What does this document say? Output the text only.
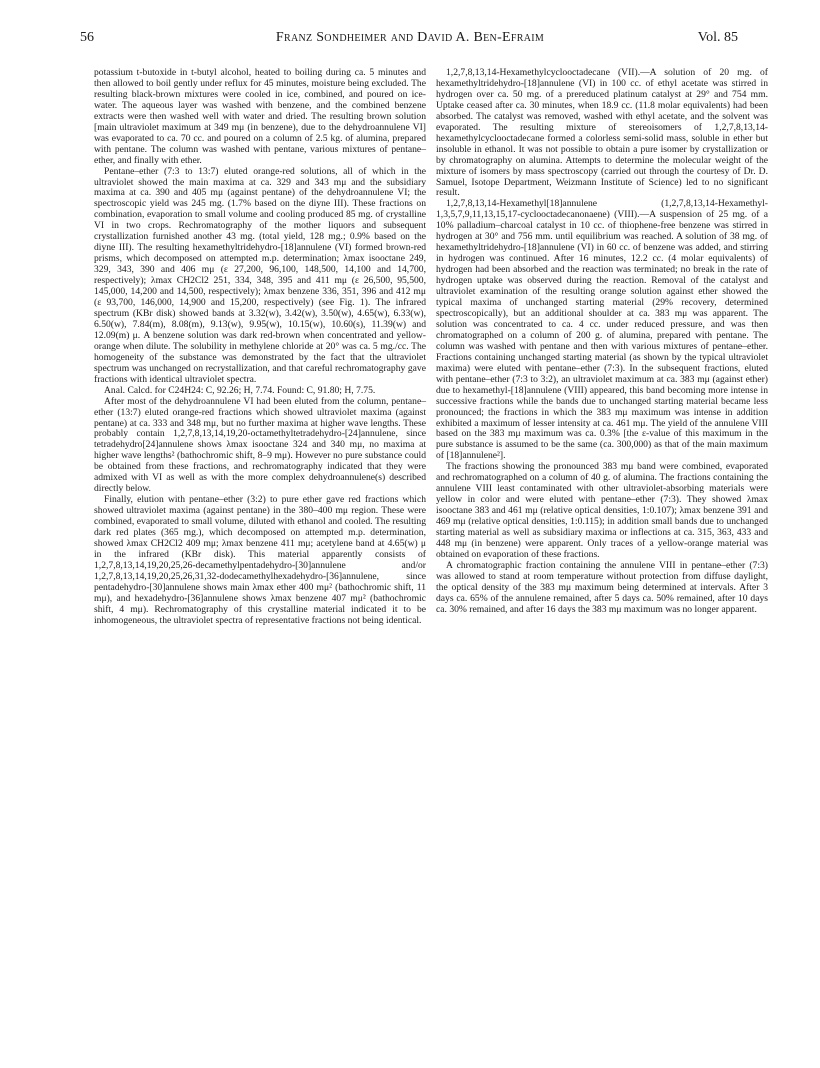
56	Franz Sondheimer and David A. Ben-Efraim	Vol. 85

potassium t-butoxide in t-butyl alcohol, heated to boiling during ca. 5 minutes and then allowed to boil gently under reflux for 45 minutes, moisture being excluded. The resulting black-brown mixtures were cooled in ice, combined, and poured on ice-water. The aqueous layer was washed with benzene, and the combined benzene extracts were then washed well with water and dried. The resulting brown solution [main ultraviolet maximum at 349 mμ (in benzene), due to the dehydroannulene VI] was evaporated to ca. 70 cc. and poured on a column of 2.5 kg. of alumina, prepared with pentane. The column was washed with pentane, various mixtures of pentane–ether, and finally with ether.

Pentane–ether (7:3 to 13:7) eluted orange-red solutions, all of which in the ultraviolet showed the main maxima at ca. 329 and 343 mμ and the subsidiary maxima at ca. 390 and 405 mμ (against pentane) of the dehydroannulene VI; the spectroscopic yield was 245 mg. (1.7% based on the diyne III). These fractions on combination, evaporation to small volume and cooling produced 85 mg. of crystalline VI in two crops. Rechromatography of the mother liquors and subsequent crystallization furnished another 43 mg. (total yield, 128 mg.; 0.9% based on the diyne III). The resulting hexamethyltridehydro-[18]annulene (VI) formed brown-red prisms, which decomposed on attempted m.p. determination; λmax isooctane 249, 329, 343, 390 and 406 mμ (ε 27,200, 96,100, 148,500, 14,100 and 14,700, respectively); λmax CH2Cl2 251, 334, 348, 395 and 411 mμ (ε 26,500, 95,500, 145,000, 14,200 and 14,500, respectively); λmax benzene 336, 351, 396 and 412 mμ (ε 93,700, 146,000, 14,900 and 15,200, respectively) (see Fig. 1). The infrared spectrum (KBr disk) showed bands at 3.32(w), 3.42(w), 3.50(w), 4.65(w), 6.33(w), 6.50(w), 7.84(m), 8.08(m), 9.13(w), 9.95(w), 10.15(w), 10.60(s), 11.39(w) and 12.09(m) μ. A benzene solution was dark red-brown when concentrated and yellow-orange when dilute. The solubility in methylene chloride at 20° was ca. 5 mg./cc. The homogeneity of the substance was demonstrated by the fact that the ultraviolet spectrum was unchanged on recrystallization, and that careful rechromatography gave fractions with identical ultraviolet spectra.

Anal. Calcd. for C24H24: C, 92.26; H, 7.74. Found: C, 91.80; H, 7.75.

After most of the dehydroannulene VI had been eluted from the column, pentane–ether (13:7) eluted orange-red fractions which showed ultraviolet maxima (against pentane) at ca. 333 and 348 mμ, but no further maxima at higher wave lengths. These probably contain 1,2,7,8,13,14,19,20-octamethyltetradehydro-[24]annulene, since tetradehydro[24]annulene shows λmax isooctane 324 and 340 mμ, no maxima at higher wave lengths² (bathochromic shift, 8–9 mμ). However no pure substance could be obtained from these fractions, and rechromatography indicated that they were admixed with VI as well as with the more complex dehydroannulene(s) described directly below.

Finally, elution with pentane–ether (3:2) to pure ether gave red fractions which showed ultraviolet maxima (against pentane) in the 380–400 mμ region. These were combined, evaporated to small volume, diluted with ethanol and cooled. The resulting dark red plates (365 mg.), which decomposed on attempted m.p. determination, showed λmax CH2Cl2 409 mμ; λmax benzene 411 mμ; acetylene band at 4.65(w) μ in the infrared (KBr disk). This material apparently consists of 1,2,7,8,13,14,19,20,25,26-decamethylpentadehydro-[30]annulene and/or 1,2,7,8,13,14,19,20,25,26,31,32-dodecamethylhexadehydro-[36]annulene, since pentadehydro-[30]annulene shows main λmax ether 400 mμ² (bathochromic shift, 11 mμ), and hexadehydro-[36]annulene shows λmax benzene 407 mμ² (bathochromic shift, 4 mμ). Rechromatography of this crystalline material indicated it to be inhomogeneous, the ultraviolet spectra of representative fractions not being identical.

1,2,7,8,13,14-Hexamethylcyclooctadecane (VII).—A solution of 20 mg. of hexamethyltridehydro-[18]annulene (VI) in 100 cc. of ethyl acetate was stirred in hydrogen over ca. 50 mg. of a prereduced platinum catalyst at 29° and 754 mm. Uptake ceased after ca. 30 minutes, when 18.9 cc. (11.8 molar equivalents) had been absorbed. The catalyst was removed, washed with ethyl acetate, and the solvent was evaporated. The resulting mixture of stereoisomers of 1,2,7,8,13,14-hexamethylcyclooctadecane formed a colorless semi-solid mass, soluble in ether but insoluble in ethanol. It was not possible to obtain a pure isomer by crystallization or by chromatography on alumina. Attempts to determine the molecular weight of the mixture of isomers by mass spectroscopy (carried out through the courtesy of Dr. D. Samuel, Isotope Department, Weizmann Institute of Science) led to no significant result.

1,2,7,8,13,14-Hexamethyl[18]annulene (1,2,7,8,13,14-Hexamethyl-1,3,5,7,9,11,13,15,17-cyclooctadecanonaene) (VIII).—A suspension of 25 mg. of a 10% palladium–charcoal catalyst in 10 cc. of thiophene-free benzene was stirred in hydrogen at 30° and 756 mm. until equilibrium was reached. A solution of 38 mg. of hexamethyltridehydro-[18]annulene (VI) in 60 cc. of benzene was added, and stirring in hydrogen was continued. After 16 minutes, 12.2 cc. (4 molar equivalents) of hydrogen had been absorbed and the reaction was terminated; no break in the rate of hydrogen uptake was observed during the reaction. Removal of the catalyst and ultraviolet examination of the resulting orange solution against ether showed the typical maxima of unchanged starting material (29% recovery, determined spectroscopically), but an additional shoulder at ca. 383 mμ was apparent. The solution was concentrated to ca. 4 cc. under reduced pressure, and was then chromatographed on a column of 200 g. of alumina, prepared with pentane. The column was washed with pentane and then with various mixtures of pentane–ether. Fractions containing unchanged starting material (as shown by the typical ultraviolet maxima) were eluted with pentane–ether (7:3). In the subsequent fractions, eluted with pentane–ether (7:3 to 3:2), an ultraviolet maximum at ca. 383 mμ (against ether) due to hexamethyl-[18]annulene (VIII) appeared, this band becoming more intense in successive fractions while the bands due to unchanged starting material became less pronounced; the fractions in which the 383 mμ maximum was intense in addition exhibited a maximum of lesser intensity at ca. 461 mμ. The yield of the annulene VIII based on the 383 mμ maximum was ca. 0.3% [the ε-value of this maximum in the pure substance is assumed to be the same (ca. 300,000) as that of the main maximum of [18]annulene²].

The fractions showing the pronounced 383 mμ band were combined, evaporated and rechromatographed on a column of 40 g. of alumina. The fractions containing the annulene VIII least contaminated with other ultraviolet-absorbing materials were yellow in color and were eluted with pentane–ether (7:3). They showed λmax isooctane 383 and 461 mμ (relative optical densities, 1:0.107); λmax benzene 391 and 469 mμ (relative optical densities, 1:0.115); in addition small bands due to unchanged starting material as well as subsidiary maxima or inflections at ca. 315, 363, 433 and 448 mμ (in benzene) were apparent. Only traces of a yellow-orange material was obtained on evaporation of these fractions.

A chromatographic fraction containing the annulene VIII in pentane–ether (7:3) was allowed to stand at room temperature without protection from diffuse daylight, the optical density of the 383 mμ maximum being determined at intervals. After 3 days ca. 65% of the annulene remained, after 5 days ca. 50% remained, after 10 days ca. 30% remained, and after 16 days the 383 mμ maximum was no longer apparent.
